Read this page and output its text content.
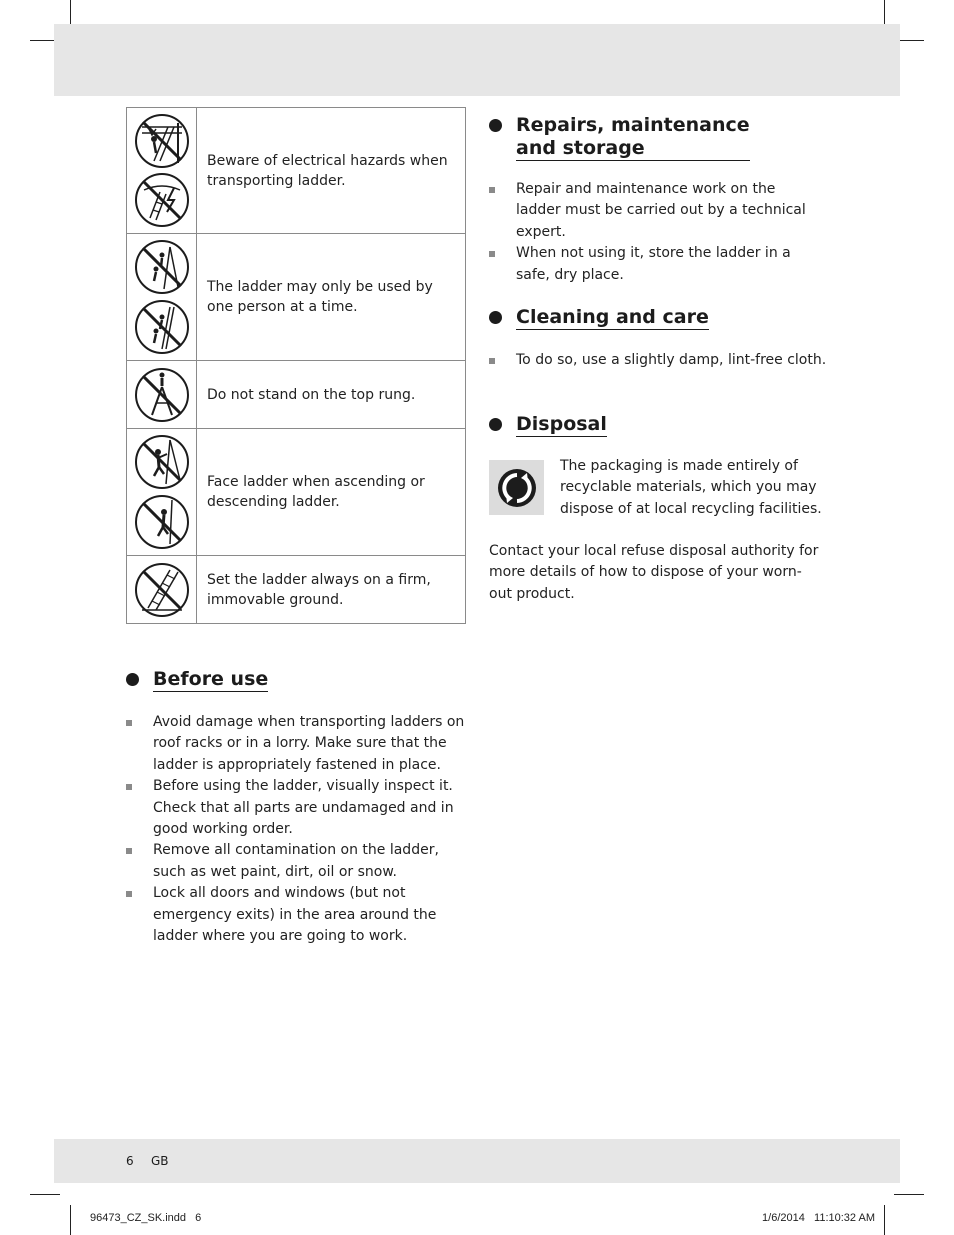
Beware of electrical hazards when transporting ladder.
The ladder may only be used by one person at a time.
Do not stand on the top rung.
Face ladder when ascending or descending ladder.
Set the ladder always on a firm, immovable ground.
Before use
Avoid damage when transporting ladders on roof racks or in a lorry. Make sure that the ladder is appropriately fastened in place.
Before using the ladder, visually inspect it. Check that all parts are undamaged and in good working order.
Remove all contamination on the ladder, such as wet paint, dirt, oil or snow.
Lock all doors and windows (but not emergency exits) in the area around the ladder where you are going to work.
Repairs, maintenance
and storage
Repair and maintenance work on the ladder must be carried out by a technical expert.
When not using it, store the ladder in a safe, dry place.
Cleaning and care
To do so, use a slightly damp, lint-free cloth.
Disposal
The packaging is made entirely of recyclable materials, which you may dispose of at local recycling facilities.
Contact your local refuse disposal authority for more details of how to dispose of your worn-out product.
6 GB
96473_CZ_SK.indd   6	1/6/2014   11:10:32 AM
